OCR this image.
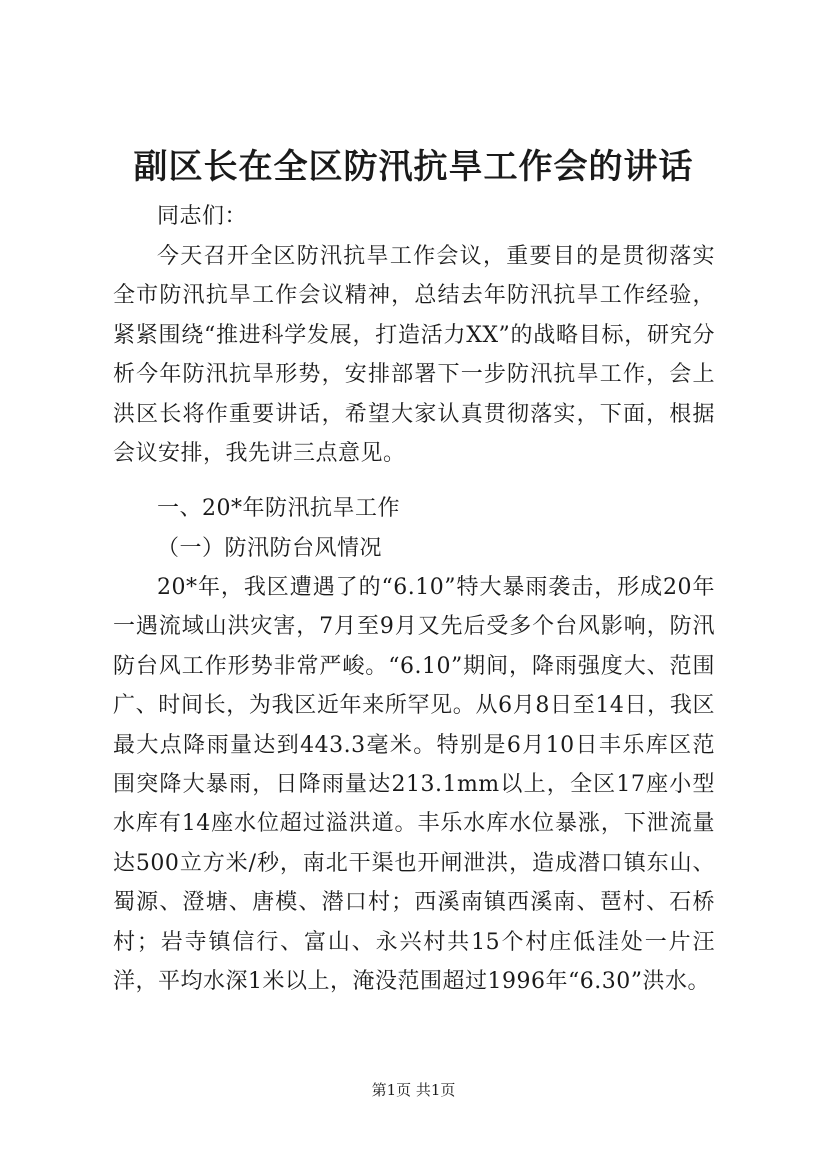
副区长在全区防汛抗旱工作会的讲话

同志们：

今天召开全区防汛抗旱工作会议，重要目的是贯彻落实全市防汛抗旱工作会议精神，总结去年防汛抗旱工作经验，紧紧围绕“推进科学发展，打造活力XX”的战略目标，研究分析今年防汛抗旱形势，安排部署下一步防汛抗旱工作，会上洪区长将作重要讲话，希望大家认真贯彻落实，下面，根据会议安排，我先讲三点意见。

一、20*年防汛抗旱工作

（一）防汛防台风情况

20*年，我区遭遇了的“6.10”特大暴雨袭击，形成20年一遇流域山洪灾害，7月至9月又先后受多个台风影响，防汛防台风工作形势非常严峻。“6.10”期间，降雨强度大、范围广、时间长，为我区近年来所罕见。从6月8日至14日，我区最大点降雨量达到443.3毫米。特别是6月10日丰乐库区范围突降大暴雨，日降雨量达213.1mm以上，全区17座小型水库有14座水位超过溢洪道。丰乐水库水位暴涨，下泄流量达500立方米/秒，南北干渠也开闸泄洪，造成潜口镇东山、蜀源、澄塘、唐模、潜口村；西溪南镇西溪南、琶村、石桥村；岩寺镇信行、富山、永兴村共15个村庄低洼处一片汪洋，平均水深1米以上，淹没范围超过1996年“6.30”洪水。

第1页 共1页
